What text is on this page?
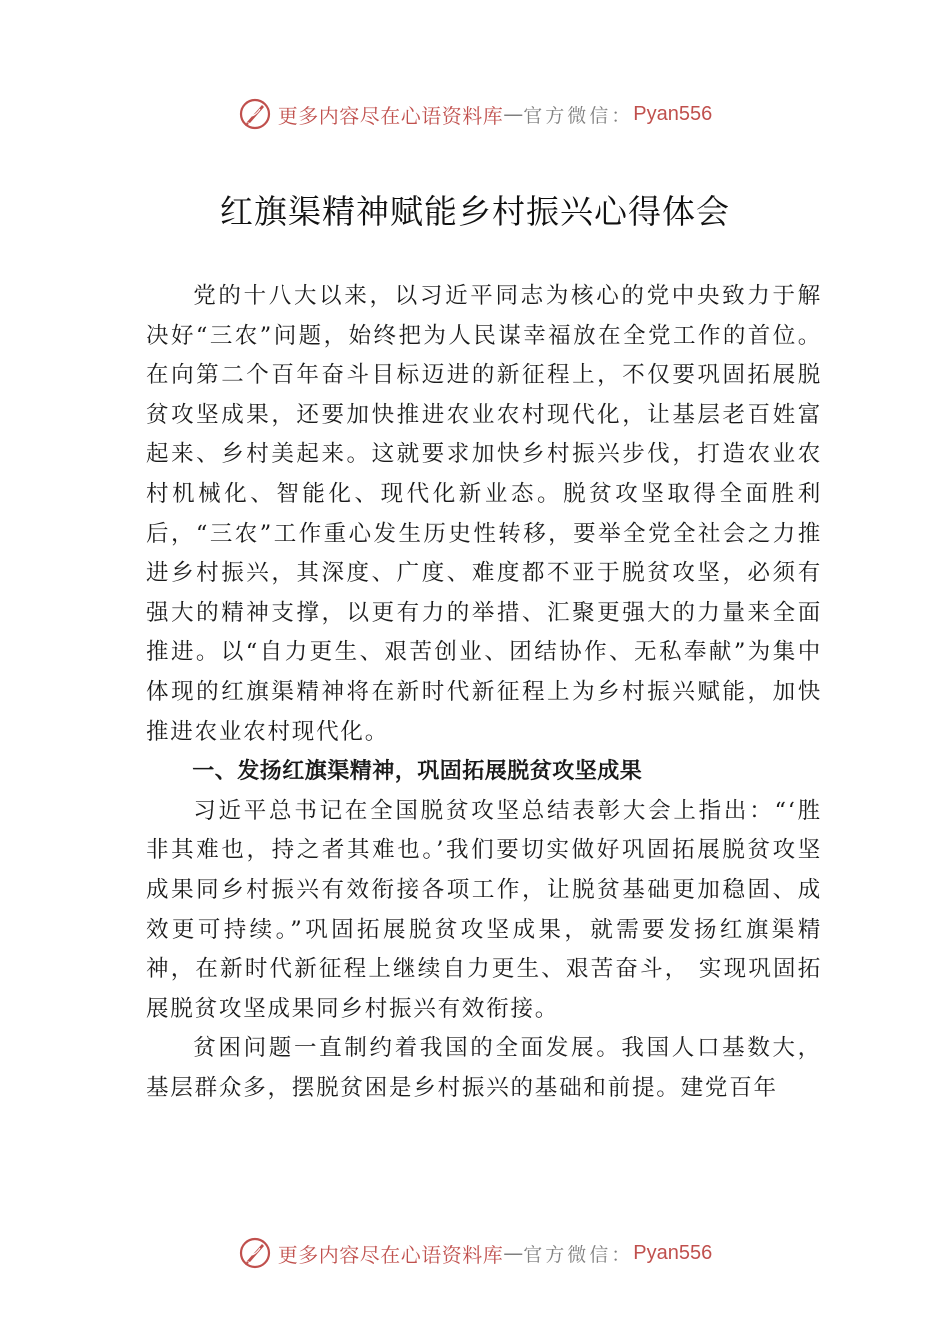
更多内容尽在心语资料库 — 官方微信： Pyan556
红旗渠精神赋能乡村振兴心得体会

党的十八大以来，以习近平同志为核心的党中央致力于解决好“三农”问题，始终把为人民谋幸福放在全党工作的首位。在向第二个百年奋斗目标迈进的新征程上，不仅要巩固拓展脱贫攻坚成果，还要加快推进农业农村现代化，让基层老百姓富起来、乡村美起来。这就要求加快乡村振兴步伐，打造农业农村机械化、智能化、现代化新业态。脱贫攻坚取得全面胜利后，“三农”工作重心发生历史性转移，要举全党全社会之力推进乡村振兴，其深度、广度、难度都不亚于脱贫攻坚，必须有强大的精神支撑，以更有力的举措、汇聚更强大的力量来全面推进。以“自力更生、艰苦创业、团结协作、无私奉献”为集中体现的红旗渠精神将在新时代新征程上为乡村振兴赋能，加快推进农业农村现代化。

一、发扬红旗渠精神，巩固拓展脱贫攻坚成果

习近平总书记在全国脱贫攻坚总结表彰大会上指出：“‘胜非其难也，持之者其难也。’我们要切实做好巩固拓展脱贫攻坚成果同乡村振兴有效衔接各项工作，让脱贫基础更加稳固、成效更可持续。”巩固拓展脱贫攻坚成果，就需要发扬红旗渠精神，在新时代新征程上继续自力更生、艰苦奋斗， 实现巩固拓展脱贫攻坚成果同乡村振兴有效衔接。

贫困问题一直制约着我国的全面发展。我国人口基数大，基层群众多，摆脱贫困是乡村振兴的基础和前提。建党百年

更多内容尽在心语资料库 — 官方微信： Pyan556
